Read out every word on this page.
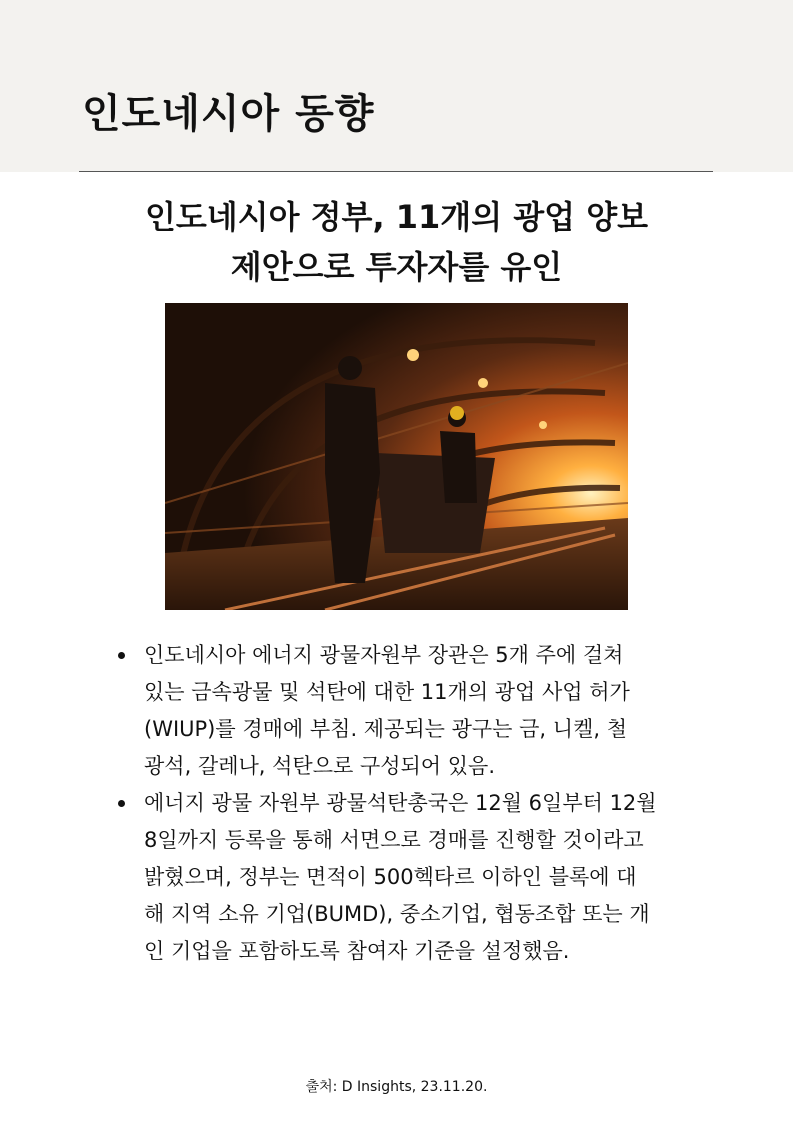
인도네시아 동향
인도네시아 정부, 11개의 광업 양보
제안으로 투자자를 유인
인도네시아 에너지 광물자원부 장관은 5개 주에 걸쳐
있는 금속광물 및 석탄에 대한 11개의 광업 사업 허가
(WIUP)를 경매에 부침. 제공되는 광구는 금, 니켈, 철
광석, 갈레나, 석탄으로 구성되어 있음.
에너지 광물 자원부 광물석탄총국은 12월 6일부터 12월
8일까지 등록을 통해 서면으로 경매를 진행할 것이라고
밝혔으며, 정부는 면적이 500헥타르 이하인 블록에 대
해 지역 소유 기업(BUMD), 중소기업, 협동조합 또는 개
인 기업을 포함하도록 참여자 기준을 설정했음.
출처: D Insights, 23.11.20.
